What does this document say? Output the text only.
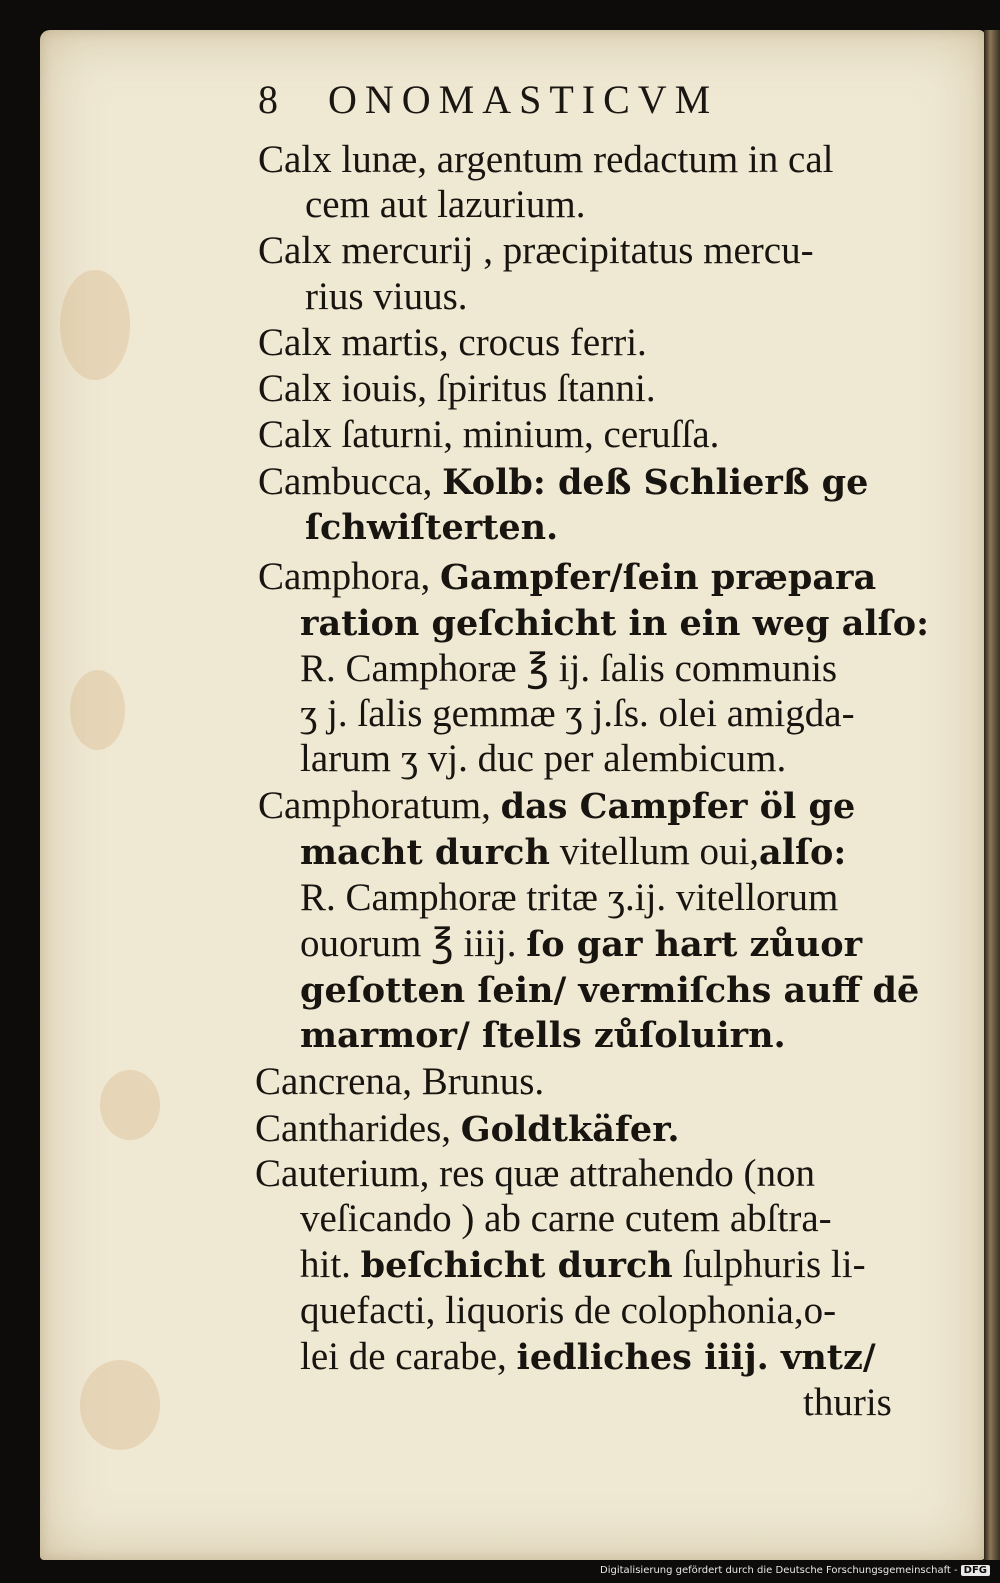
8 ONOMASTICVM
Calx lunæ, argentum redactum in cal
cem aut lazurium.
Calx mercurij , præcipitatus mercu-
rius viuus.
Calx martis, crocus ferri.
Calx iouis, ſpiritus ſtanni.
Calx ſaturni, minium, ceruſſa.
Cambucca, Kolb: deß Schlierß ge
ſchwiſterten.
Camphora, Gampfer/ſein præpara
ration geſchicht in ein weg alſo:
R. Camphoræ ℥ ij. ſalis communis
ʒ j. ſalis gemmæ ʒ j.ſs. olei amigda-
larum ʒ vj. duc per alembicum.
Camphoratum, das Campfer öl ge
macht durch vitellum oui,alſo:
R. Camphoræ tritæ ʒ.ij. vitellorum
ouorum ℥ iiij. ſo gar hart zůuor
geſotten ſein/ vermiſchs auff dē
marmor/ ſtells zůſoluirn.
Cancrena, Brunus.
Cantharides, Goldtkäfer.
Cauterium, res quæ attrahendo (non
veſicando ) ab carne cutem abſtra-
hit. beſchicht durch ſulphuris li-
quefacti, liquoris de colophonia,o-
lei de carabe, iedliches iiij. vntz/
thuris
Digitalisierung gefördert durch die Deutsche Forschungsgemeinschaft - DFG
